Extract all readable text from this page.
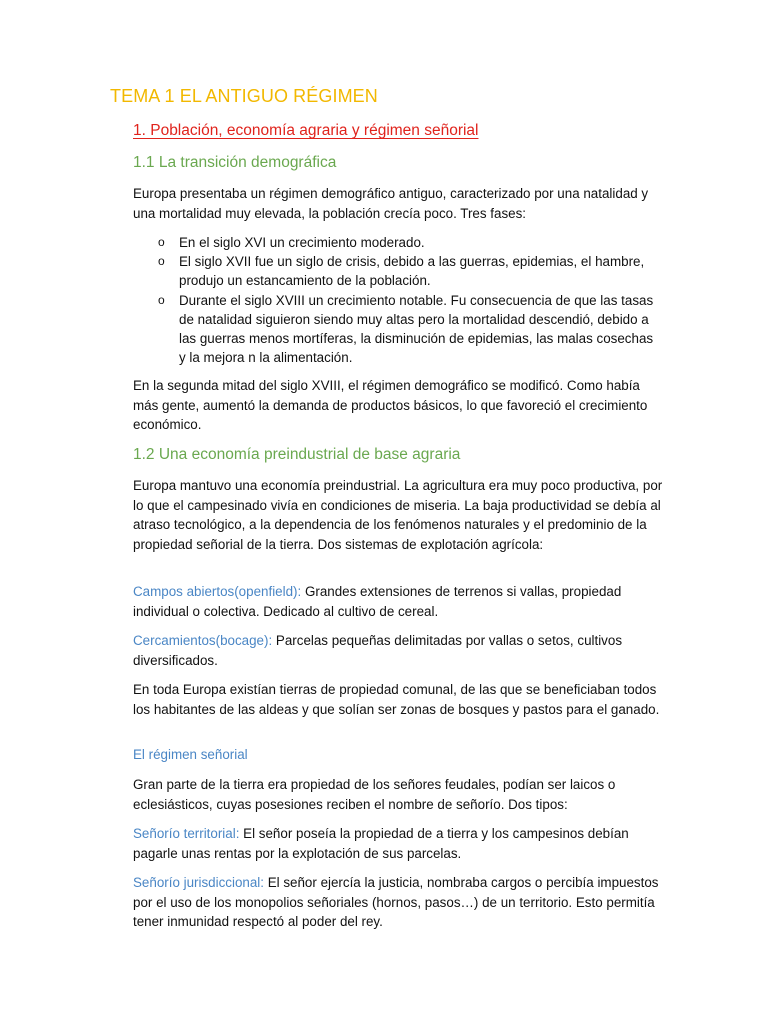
TEMA 1 EL ANTIGUO RÉGIMEN
1. Población, economía agraria y régimen señorial
1.1 La transición demográfica

Europa presentaba un régimen demográfico antiguo, caracterizado por una natalidad y una mortalidad muy elevada, la población crecía poco. Tres fases:

o En el siglo XVI un crecimiento moderado.
o El siglo XVII fue un siglo de crisis, debido a las guerras, epidemias, el hambre, produjo un estancamiento de la población.
o Durante el siglo XVIII un crecimiento notable. Fu consecuencia de que las tasas de natalidad siguieron siendo muy altas pero la mortalidad descendió, debido a las guerras menos mortíferas, la disminución de epidemias, las malas cosechas y la mejora n la alimentación.

En la segunda mitad del siglo XVIII, el régimen demográfico se modificó. Como había más gente, aumentó la demanda de productos básicos, lo que favoreció el crecimiento económico.

1.2 Una economía preindustrial de base agraria

Europa mantuvo una economía preindustrial. La agricultura era muy poco productiva, por lo que el campesinado vivía en condiciones de miseria. La baja productividad se debía al atraso tecnológico, a la dependencia de los fenómenos naturales y el predominio de la propiedad señorial de la tierra. Dos sistemas de explotación agrícola:

Campos abiertos(openfield): Grandes extensiones de terrenos si vallas, propiedad individual o colectiva. Dedicado al cultivo de cereal.

Cercamientos(bocage): Parcelas pequeñas delimitadas por vallas o setos, cultivos diversificados.

En toda Europa existían tierras de propiedad comunal, de las que se beneficiaban todos los habitantes de las aldeas y que solían ser zonas de bosques y pastos para el ganado.

El régimen señorial

Gran parte de la tierra era propiedad de los señores feudales, podían ser laicos o eclesiásticos, cuyas posesiones reciben el nombre de señorío. Dos tipos:

Señorío territorial: El señor poseía la propiedad de a tierra y los campesinos debían pagarle unas rentas por la explotación de sus parcelas.

Señorío jurisdiccional: El señor ejercía la justicia, nombraba cargos o percibía impuestos por el uso de los monopolios señoriales (hornos, pasos…) de un territorio. Esto permitía tener inmunidad respectó al poder del rey.
